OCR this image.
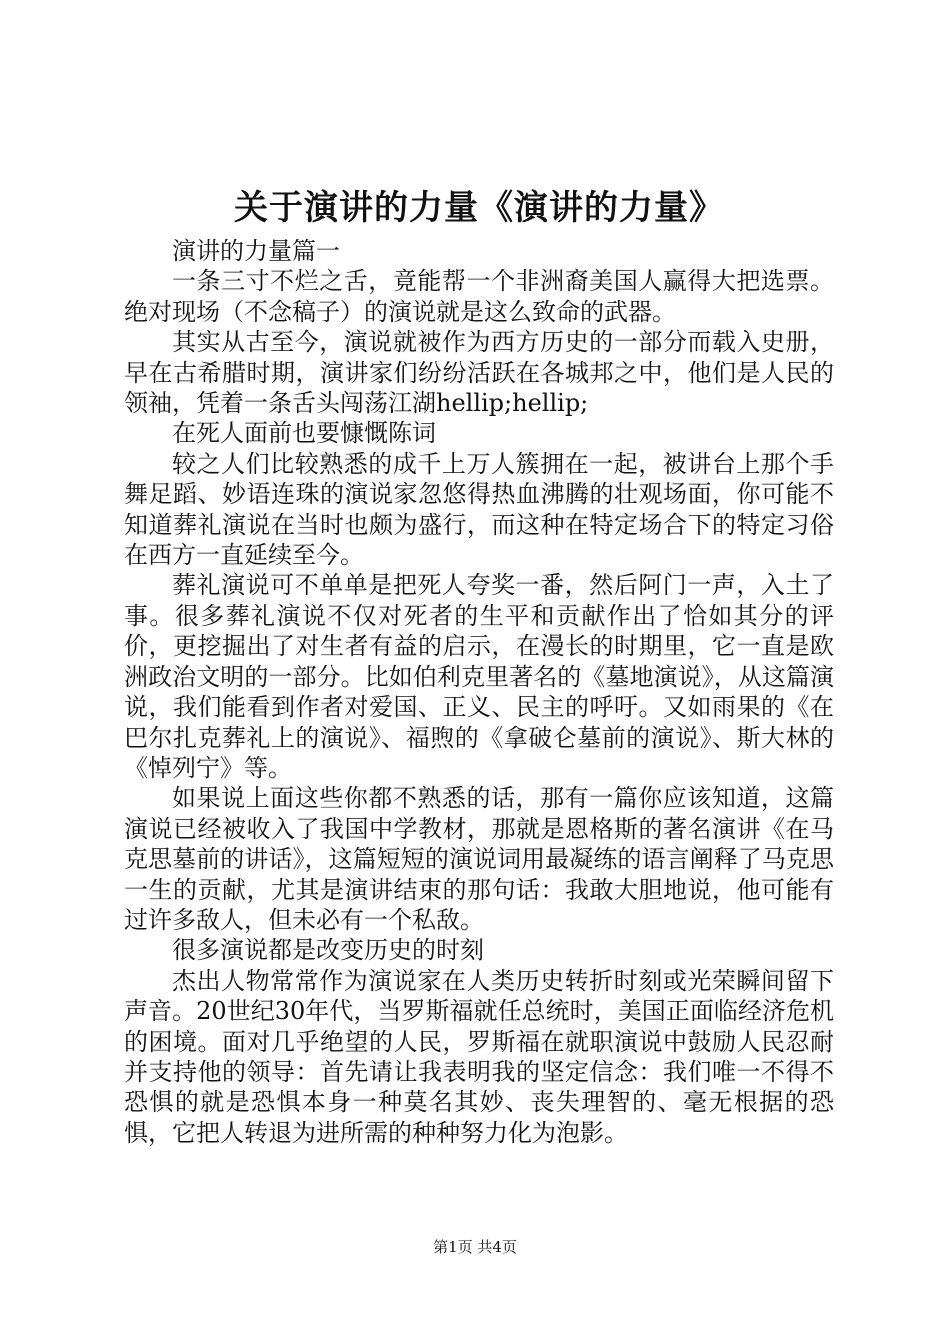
关于演讲的力量《演讲的力量》

演讲的力量篇一

一条三寸不烂之舌，竟能帮一个非洲裔美国人赢得大把选票。绝对现场（不念稿子）的演说就是这么致命的武器。

其实从古至今，演说就被作为西方历史的一部分而载入史册，早在古希腊时期，演讲家们纷纷活跃在各城邦之中，他们是人民的领袖，凭着一条舌头闯荡江湖hellip;hellip;

在死人面前也要慷慨陈词

较之人们比较熟悉的成千上万人簇拥在一起，被讲台上那个手舞足蹈、妙语连珠的演说家忽悠得热血沸腾的壮观场面，你可能不知道葬礼演说在当时也颇为盛行，而这种在特定场合下的特定习俗在西方一直延续至今。

葬礼演说可不单单是把死人夸奖一番，然后阿门一声，入土了事。很多葬礼演说不仅对死者的生平和贡献作出了恰如其分的评价，更挖掘出了对生者有益的启示，在漫长的时期里，它一直是欧洲政治文明的一部分。比如伯利克里著名的《墓地演说》，从这篇演说，我们能看到作者对爱国、正义、民主的呼吁。又如雨果的《在巴尔扎克葬礼上的演说》、福煦的《拿破仑墓前的演说》、斯大林的《悼列宁》等。

如果说上面这些你都不熟悉的话，那有一篇你应该知道，这篇演说已经被收入了我国中学教材，那就是恩格斯的著名演讲《在马克思墓前的讲话》，这篇短短的演说词用最凝练的语言阐释了马克思一生的贡献，尤其是演讲结束的那句话：我敢大胆地说，他可能有过许多敌人，但未必有一个私敌。

很多演说都是改变历史的时刻

杰出人物常常作为演说家在人类历史转折时刻或光荣瞬间留下声音。20世纪30年代，当罗斯福就任总统时，美国正面临经济危机的困境。面对几乎绝望的人民，罗斯福在就职演说中鼓励人民忍耐并支持他的领导：首先请让我表明我的坚定信念：我们唯一不得不恐惧的就是恐惧本身一种莫名其妙、丧失理智的、毫无根据的恐惧，它把人转退为进所需的种种努力化为泡影。

第1页 共4页
